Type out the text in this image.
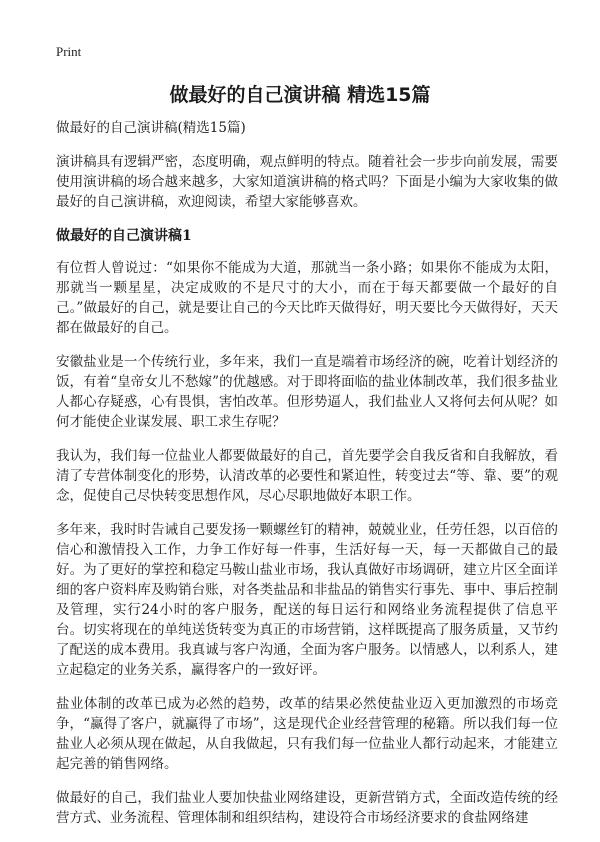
Print
做最好的自己演讲稿 精选15篇
做最好的自己演讲稿(精选15篇)

演讲稿具有逻辑严密，态度明确，观点鲜明的特点。随着社会一步步向前发展，需要使用演讲稿的场合越来越多，大家知道演讲稿的格式吗？下面是小编为大家收集的做最好的自己演讲稿，欢迎阅读，希望大家能够喜欢。

做最好的自己演讲稿1

有位哲人曾说过：“如果你不能成为大道，那就当一条小路；如果你不能成为太阳，那就当一颗星星，决定成败的不是尺寸的大小，而在于每天都要做一个最好的自己。”做最好的自己，就是要让自己的今天比昨天做得好，明天要比今天做得好，天天都在做最好的自己。

安徽盐业是一个传统行业，多年来，我们一直是端着市场经济的碗，吃着计划经济的饭，有着“皇帝女儿不愁嫁”的优越感。对于即将面临的盐业体制改革，我们很多盐业人都心存疑惑，心有畏惧，害怕改革。但形势逼人，我们盐业人又将何去何从呢？如何才能使企业谋发展、职工求生存呢？

我认为，我们每一位盐业人都要做最好的自己，首先要学会自我反省和自我解放，看清了专营体制变化的形势，认清改革的必要性和紧迫性，转变过去“等、靠、要”的观念，促使自己尽快转变思想作风，尽心尽职地做好本职工作。

多年来，我时时告诫自己要发扬一颗螺丝钉的精神，兢兢业业，任劳任怨，以百倍的信心和激情投入工作，力争工作好每一件事，生活好每一天，每一天都做自己的最好。为了更好的掌控和稳定马鞍山盐业市场，我认真做好市场调研，建立片区全面详细的客户资料库及购销台账，对各类盐品和非盐品的销售实行事先、事中、事后控制及管理，实行24小时的客户服务，配送的每日运行和网络业务流程提供了信息平台。切实将现在的单纯送货转变为真正的市场营销，这样既提高了服务质量，又节约了配送的成本费用。我真诚与客户沟通，全面为客户服务。以情感人，以利系人，建立起稳定的业务关系，赢得客户的一致好评。

盐业体制的改革已成为必然的趋势，改革的结果必然使盐业迈入更加激烈的市场竞争，“赢得了客户，就赢得了市场”，这是现代企业经营管理的秘籍。所以我们每一位盐业人必须从现在做起，从自我做起，只有我们每一位盐业人都行动起来，才能建立起完善的销售网络。

做最好的自己，我们盐业人要加快盐业网络建设，更新营销方式，全面改造传统的经营方式、业务流程、管理体制和组织结构，建设符合市场经济要求的食盐网络建
